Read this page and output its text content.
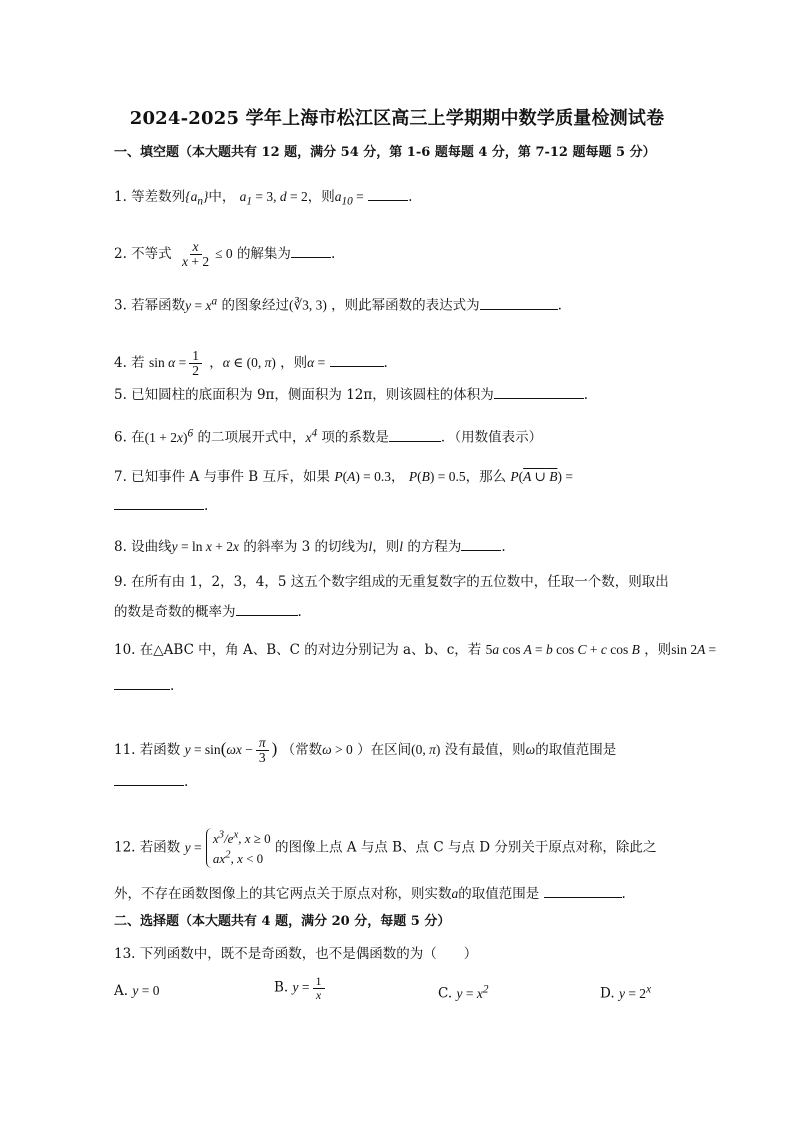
2024-2025 学年上海市松江区高三上学期期中数学质量检测试卷
一、填空题（本大题共有 12 题，满分 54 分，第 1-6 题每题 4 分，第 7-12 题每题 5 分）
1. 等差数列$\{a_n\}$中， $a_1 = 3$, d = 2，则$a_{10}$ =	.
2. 不等式 $\frac{x}{x + 2} \le 0$ 的解集为	.
3. 若幂函数$y = x^a$ 的图象经过(∛3, 3) ，则此幂函数的表达式为	.
4. 若 $\sin \alpha = \frac{1}{2}$ ，α ∈ (0, π) ，则α =	.
5. 已知圆柱的底面积为 9π，侧面积为 12π，则该圆柱的体积为	.
6. 在$(1 + 2x)^6$ 的二项展开式中，$x^4$ 项的系数是	．（用数值表示）
7. 已知事件 A 与事件 B 互斥，如果 P(A) = 0.3， P(B) = 0.5，那么 P(A ∪ B) =
.
8. 设曲线y = ln x + 2x 的斜率为 3 的切线为l，则l 的方程为	.
9. 在所有由 1，2，3，4，5 这五个数字组成的无重复数字的五位数中，任取一个数，则取出
的数是奇数的概率为	.
10. 在△ABC 中，角 A、B、C 的对边分别记为 a、b、c，若 5a cos A = b cos C + c cos B ，则sin 2A =
.
11. 若函数 $y = \sin(\omega x - \frac{\pi}{3}$ ) （常数ω > 0 ）在区间(0, π) 没有最值，则ω的取值范围是
.
12. 若函数 $y = x^3/e^x$, x ≥ 0
$ax^2$, x < 0 的图像上点 A 与点 B、点 C 与点 D 分别关于原点对称，除此之
外，不存在函数图像上的其它两点关于原点对称，则实数a的取值范围是	.
二、选择题（本大题共有 4 题，满分 20 分，每题 5 分）
13. 下列函数中，既不是奇函数，也不是偶函数的为（　　）
A. y = 0	B. $y = \frac{1}{x}$	C. $y = x^2$	D. $y = 2^x$
